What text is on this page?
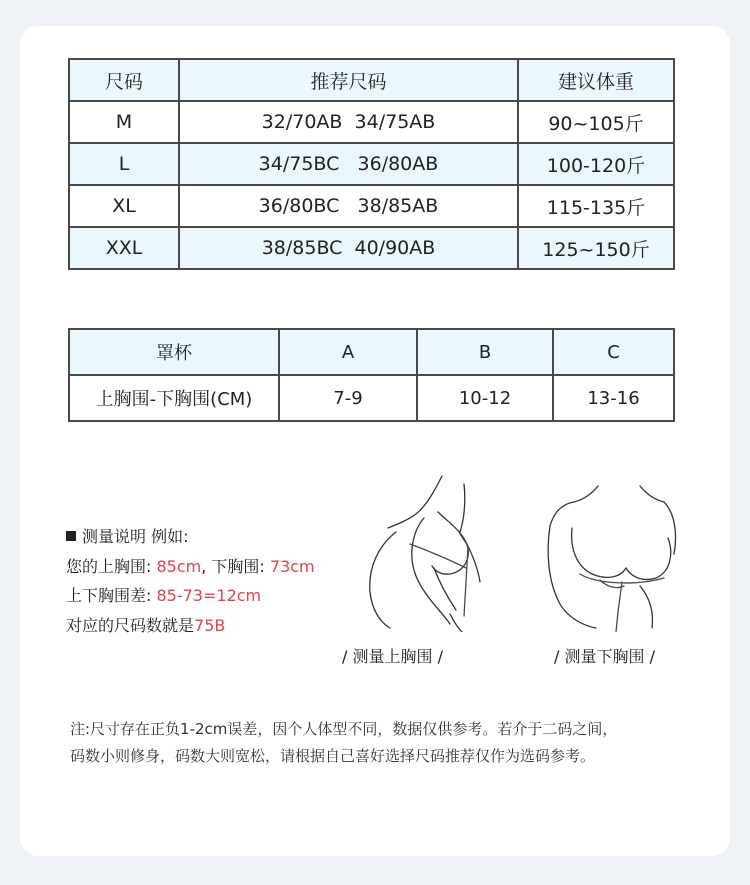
尺码	推荐尺码	建议体重
M	32/70AB  34/75AB	90~105斤
L	34/75BC   36/80AB	100-120斤
XL	36/80BC   38/85AB	115-135斤
XXL	38/85BC  40/90AB	125~150斤
罩杯	A	B	C
上胸围-下胸围(CM)	7-9	10-12	13-16
测量说明 例如:
您的上胸围: 85cm, 下胸围: 73cm
上下胸围差: 85-73=12cm
对应的尺码数就是75B
/ 测量上胸围 /	/ 测量下胸围 /
注:尺寸存在正负1-2cm误差，因个人体型不同，数据仅供参考。若介于二码之间，码数小则修身，码数大则宽松，请根据自己喜好选择尺码推荐仅作为选码参考。
